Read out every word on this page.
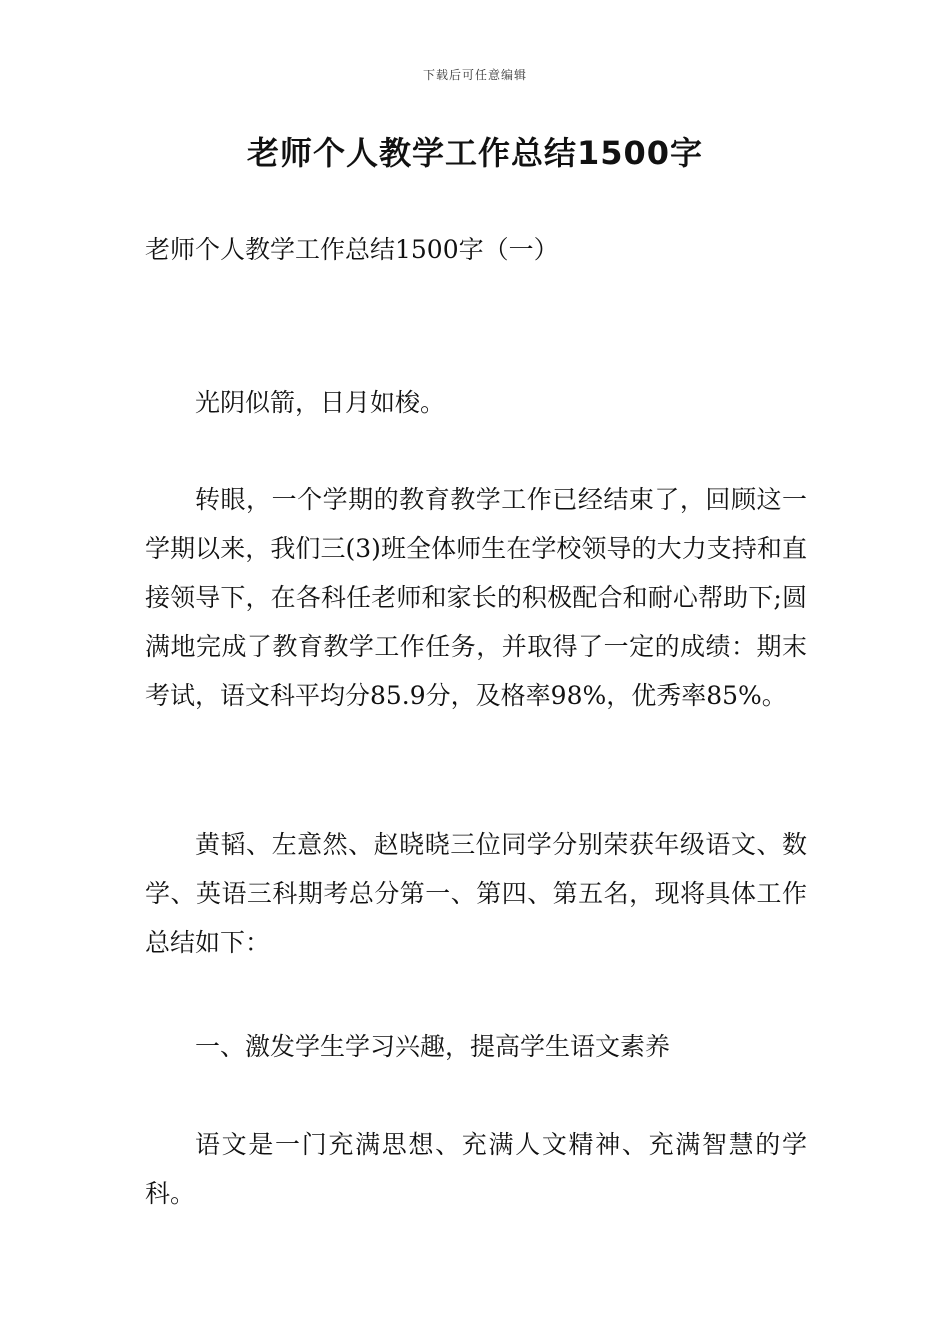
下载后可任意编辑
老师个人教学工作总结1500字
老师个人教学工作总结1500字（一）

光阴似箭，日月如梭。

转眼，一个学期的教育教学工作已经结束了，回顾这一学期以来，我们三(3)班全体师生在学校领导的大力支持和直接领导下，在各科任老师和家长的积极配合和耐心帮助下;圆满地完成了教育教学工作任务，并取得了一定的成绩：期末考试，语文科平均分85.9分，及格率98%，优秀率85%。

黄韬、左意然、赵晓晓三位同学分别荣获年级语文、数学、英语三科期考总分第一、第四、第五名，现将具体工作总结如下：

一、激发学生学习兴趣，提高学生语文素养

语文是一门充满思想、充满人文精神、充满智慧的学科。
